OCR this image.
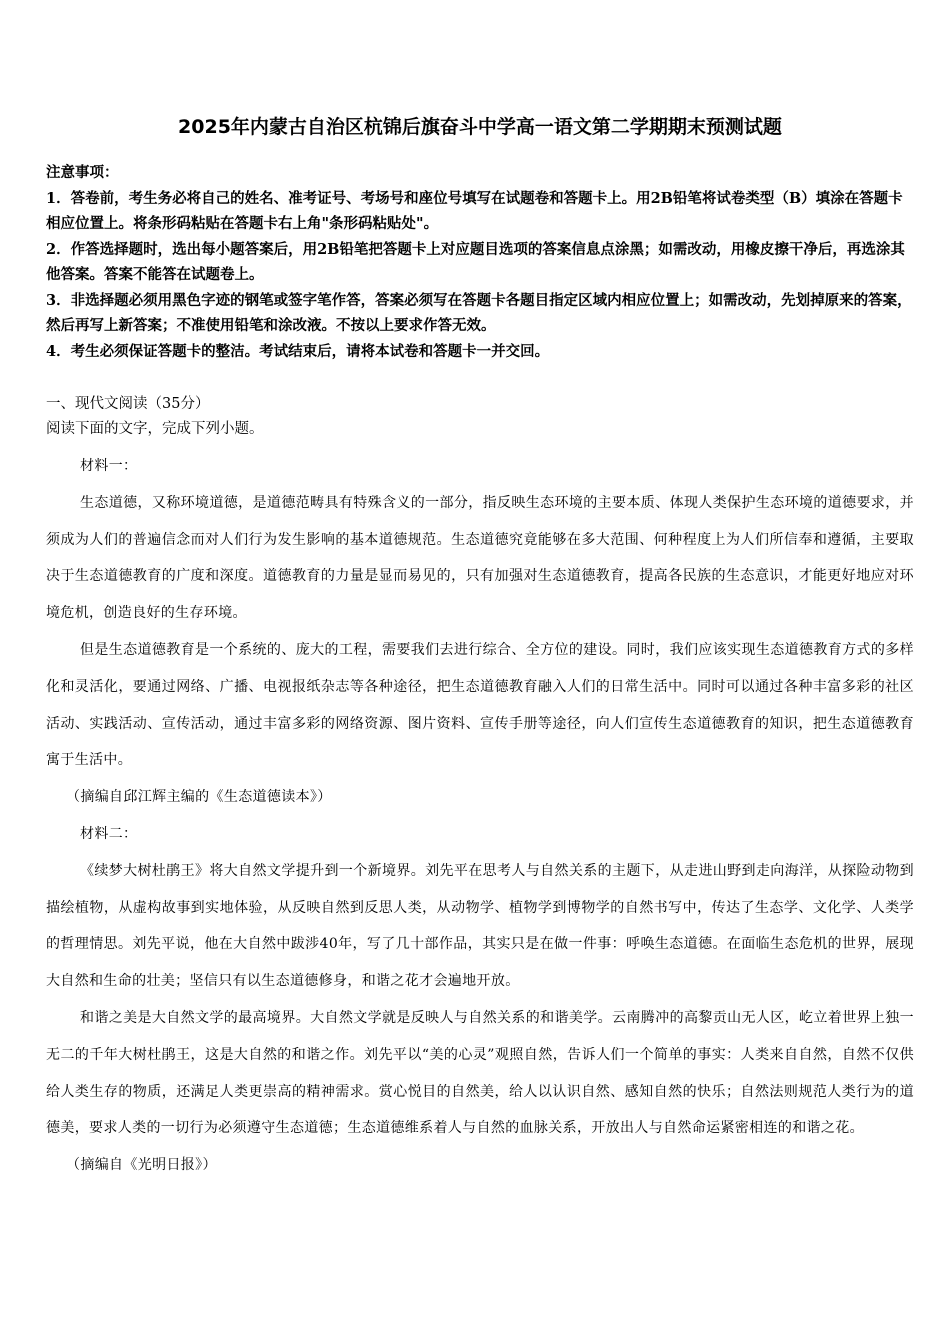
2025年内蒙古自治区杭锦后旗奋斗中学高一语文第二学期期末预测试题

注意事项：

1．答卷前，考生务必将自己的姓名、准考证号、考场号和座位号填写在试题卷和答题卡上。用2B铅笔将试卷类型（B）填涂在答题卡相应位置上。将条形码粘贴在答题卡右上角"条形码粘贴处"。

2．作答选择题时，选出每小题答案后，用2B铅笔把答题卡上对应题目选项的答案信息点涂黑；如需改动，用橡皮擦干净后，再选涂其他答案。答案不能答在试题卷上。

3．非选择题必须用黑色字迹的钢笔或签字笔作答，答案必须写在答题卡各题目指定区域内相应位置上；如需改动，先划掉原来的答案，然后再写上新答案；不准使用铅笔和涂改液。不按以上要求作答无效。

4．考生必须保证答题卡的整洁。考试结束后，请将本试卷和答题卡一并交回。

一、现代文阅读（35分）
阅读下面的文字，完成下列小题。

材料一：

生态道德，又称环境道德，是道德范畴具有特殊含义的一部分，指反映生态环境的主要本质、体现人类保护生态环境的道德要求，并须成为人们的普遍信念而对人们行为发生影响的基本道德规范。生态道德究竟能够在多大范围、何种程度上为人们所信奉和遵循，主要取决于生态道德教育的广度和深度。道德教育的力量是显而易见的，只有加强对生态道德教育，提高各民族的生态意识，才能更好地应对环境危机，创造良好的生存环境。

但是生态道德教育是一个系统的、庞大的工程，需要我们去进行综合、全方位的建设。同时，我们应该实现生态道德教育方式的多样化和灵活化，要通过网络、广播、电视报纸杂志等各种途径，把生态道德教育融入人们的日常生活中。同时可以通过各种丰富多彩的社区活动、实践活动、宣传活动，通过丰富多彩的网络资源、图片资料、宣传手册等途径，向人们宣传生态道德教育的知识，把生态道德教育寓于生活中。

（摘编自邱江辉主编的《生态道德读本》）

材料二：

《续梦大树杜鹃王》将大自然文学提升到一个新境界。刘先平在思考人与自然关系的主题下，从走进山野到走向海洋，从探险动物到描绘植物，从虚构故事到实地体验，从反映自然到反思人类，从动物学、植物学到博物学的自然书写中，传达了生态学、文化学、人类学的哲理情思。刘先平说，他在大自然中跋涉40年，写了几十部作品，其实只是在做一件事：呼唤生态道德。在面临生态危机的世界，展现大自然和生命的壮美；坚信只有以生态道德修身，和谐之花才会遍地开放。

和谐之美是大自然文学的最高境界。大自然文学就是反映人与自然关系的和谐美学。云南腾冲的高黎贡山无人区，屹立着世界上独一无二的千年大树杜鹃王，这是大自然的和谐之作。刘先平以“美的心灵”观照自然，告诉人们一个简单的事实：人类来自自然，自然不仅供给人类生存的物质，还满足人类更崇高的精神需求。赏心悦目的自然美，给人以认识自然、感知自然的快乐；自然法则规范人类行为的道德美，要求人类的一切行为必须遵守生态道德；生态道德维系着人与自然的血脉关系，开放出人与自然命运紧密相连的和谐之花。

（摘编自《光明日报》）
